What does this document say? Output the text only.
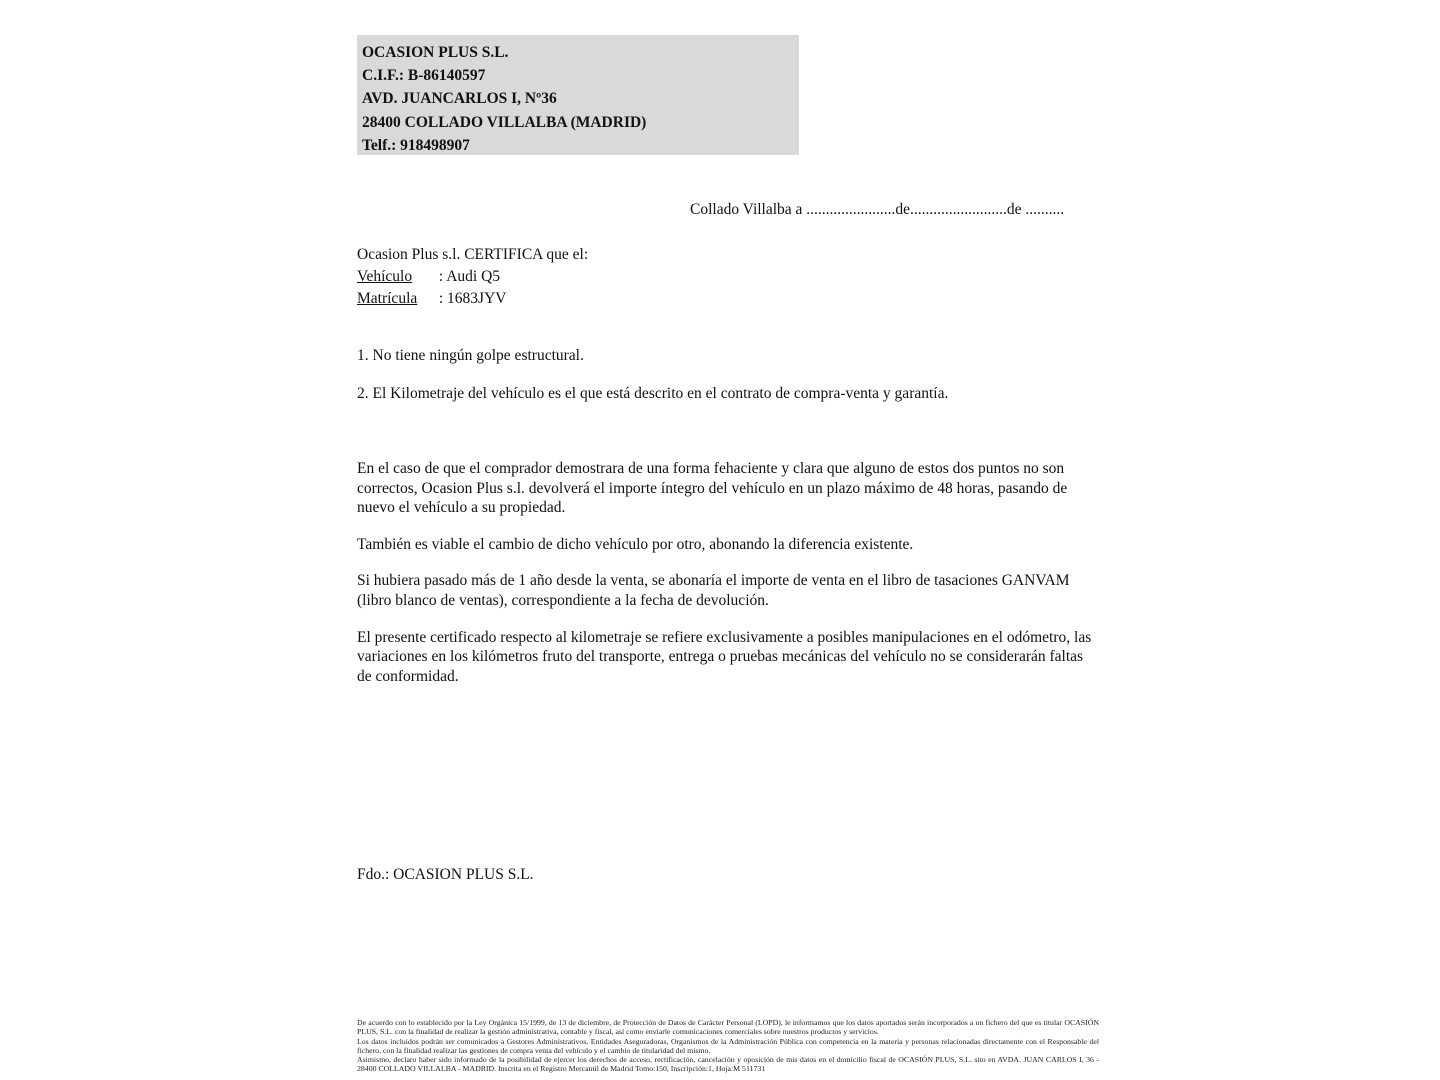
OCASION PLUS S.L.
C.I.F.: B-86140597
AVD. JUANCARLOS I, Nº36
28400 COLLADO VILLALBA (MADRID)
Telf.: 918498907
Collado Villalba a .......................de.........................de ..........
Ocasion Plus s.l. CERTIFICA que el:
Vehículo : Audi Q5
Matrícula : 1683JYV
1. No tiene ningún golpe estructural.
2. El Kilometraje del vehículo es el que está descrito en el contrato de compra-venta y garantía.

En el caso de que el comprador demostrara de una forma fehaciente y clara que alguno de estos dos puntos no son correctos, Ocasion Plus s.l. devolverá el importe íntegro del vehículo en un plazo máximo de 48 horas, pasando de nuevo el vehículo a su propiedad.

También es viable el cambio de dicho vehículo por otro, abonando la diferencia existente.

Si hubiera pasado más de 1 año desde la venta, se abonaría el importe de venta en el libro de tasaciones GANVAM (libro blanco de ventas), correspondiente a la fecha de devolución.

El presente certificado respecto al kilometraje se refiere exclusivamente a posibles manipulaciones en el odómetro, las variaciones en los kilómetros fruto del transporte, entrega o pruebas mecánicas del vehículo no se considerarán faltas de conformidad.

Fdo.: OCASION PLUS S.L.

De acuerdo con lo establecido por la Ley Orgánica 15/1999, de 13 de diciembre, de Protección de Datos de Carácter Personal (LOPD), le informamos que los datos aportados serán incorporados a un fichero del que es titular OCASIÓN PLUS, S.L. con la finalidad de realizar la gestión administrativa, contable y fiscal, así como enviarle comunicaciones comerciales sobre nuestros productos y servicios.

Los datos incluidos podrán ser comunicados a Gestores Administrativos, Entidades Aseguradoras, Organismos de la Administración Pública con competencia en la materia y personas relacionadas directamente con el Responsable del fichero, con la finalidad realizar las gestiones de compra venta del vehículo y el cambio de titularidad del mismo.

Asimismo, declaro haber sido informado de la posibilidad de ejercer los derechos de acceso, rectificación, cancelación y oposición de mis datos en el domicilio fiscal de OCASIÓN PLUS, S.L. sito en AVDA. JUAN CARLOS I, 36 - 28400 COLLADO VILLALBA - MADRID. Inscrita en el Registro Mercantil de Madrid Tomo:150, Inscripción:1, Hoja:M 511731
